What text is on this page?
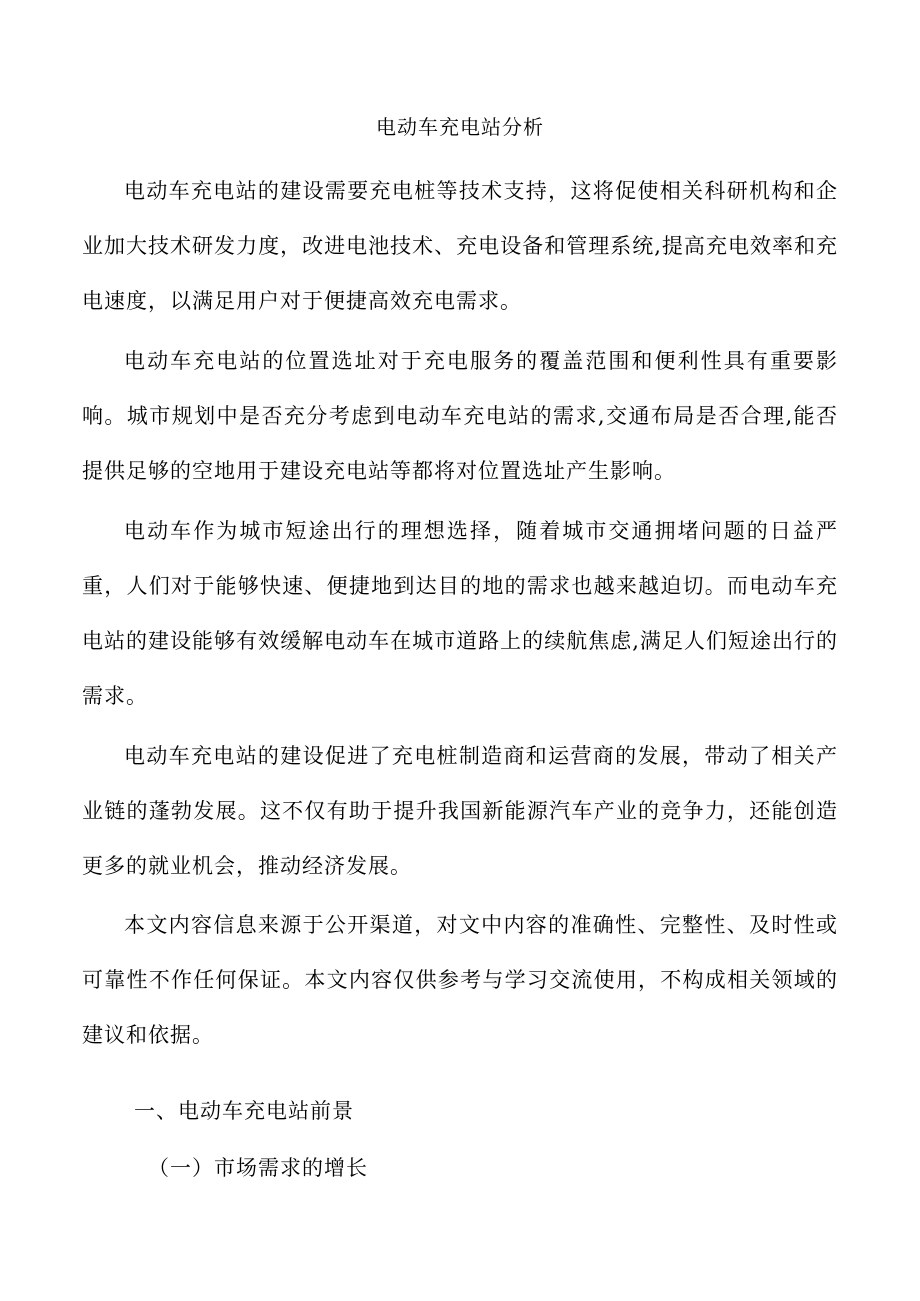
电动车充电站分析

电动车充电站的建设需要充电桩等技术支持，这将促使相关科研机构和企业加大技术研发力度，改进电池技术、充电设备和管理系统,提高充电效率和充电速度，以满足用户对于便捷高效充电需求。

电动车充电站的位置选址对于充电服务的覆盖范围和便利性具有重要影响。城市规划中是否充分考虑到电动车充电站的需求,交通布局是否合理,能否提供足够的空地用于建设充电站等都将对位置选址产生影响。

电动车作为城市短途出行的理想选择，随着城市交通拥堵问题的日益严重，人们对于能够快速、便捷地到达目的地的需求也越来越迫切。而电动车充电站的建设能够有效缓解电动车在城市道路上的续航焦虑,满足人们短途出行的需求。

电动车充电站的建设促进了充电桩制造商和运营商的发展，带动了相关产业链的蓬勃发展。这不仅有助于提升我国新能源汽车产业的竞争力，还能创造更多的就业机会，推动经济发展。

本文内容信息来源于公开渠道，对文中内容的准确性、完整性、及时性或可靠性不作任何保证。本文内容仅供参考与学习交流使用，不构成相关领域的建议和依据。

一、电动车充电站前景
（一）市场需求的增长
